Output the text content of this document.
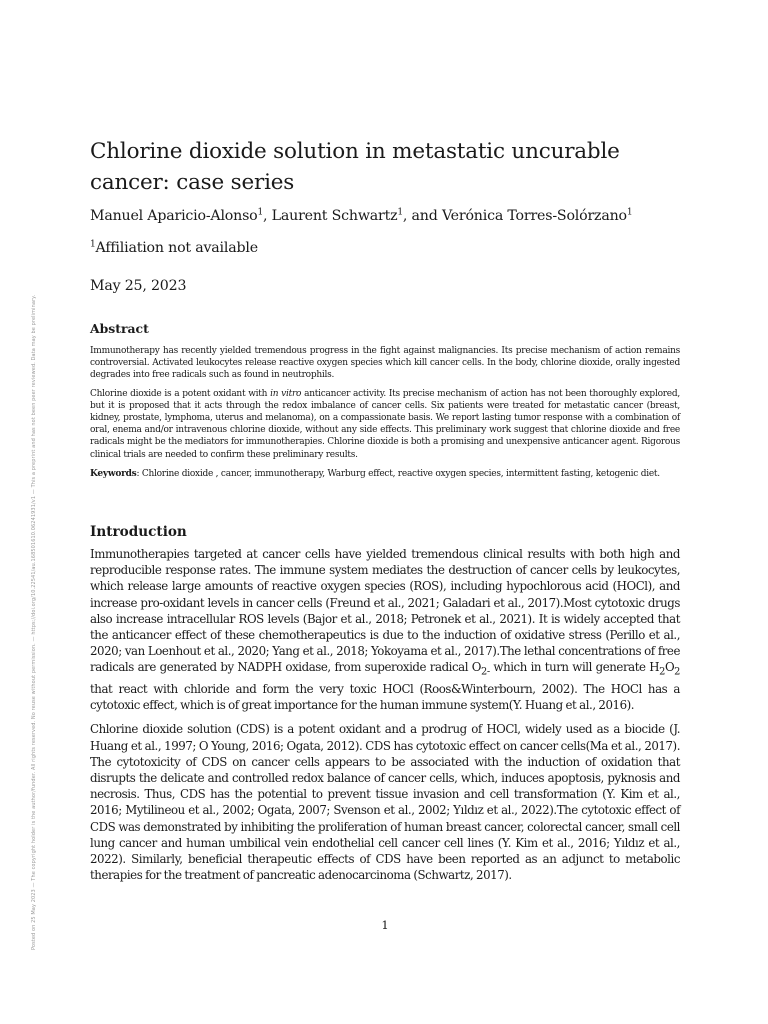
Posted on 25 May 2023 — The copyright holder is the author/funder. All rights reserved. No reuse without permission. — https://doi.org/10.22541/au.168501610.06241931/v1 — This a preprint and has not been peer reviewed. Data may be preliminary.
Chlorine dioxide solution in metastatic uncurable cancer: case series
Manuel Aparicio-Alonso$^1$, Laurent Schwartz$^1$, and Verónica Torres-Solórzano$^1$
$^1$Affiliation not available
May 25, 2023
Abstract

Immunotherapy has recently yielded tremendous progress in the fight against malignancies. Its precise mechanism of action remains controversial. Activated leukocytes release reactive oxygen species which kill cancer cells. In the body, chlorine dioxide, orally ingested degrades into free radicals such as found in neutrophils.

Chlorine dioxide is a potent oxidant with in vitro anticancer activity. Its precise mechanism of action has not been thoroughly explored, but it is proposed that it acts through the redox imbalance of cancer cells. Six patients were treated for metastatic cancer (breast, kidney, prostate, lymphoma, uterus and melanoma), on a compassionate basis. We report lasting tumor response with a combination of oral, enema and/or intravenous chlorine dioxide, without any side effects. This preliminary work suggest that chlorine dioxide and free radicals might be the mediators for immunotherapies. Chlorine dioxide is both a promising and unexpensive anticancer agent. Rigorous clinical trials are needed to confirm these preliminary results.

Keywords: Chlorine dioxide , cancer, immunotherapy, Warburg effect, reactive oxygen species, intermittent fasting, ketogenic diet.

Introduction

Immunotherapies targeted at cancer cells have yielded tremendous clinical results with both high and reproducible response rates. The immune system mediates the destruction of cancer cells by leukocytes, which release large amounts of reactive oxygen species (ROS), including hypochlorous acid (HOCl), and increase pro-oxidant levels in cancer cells (Freund et al., 2021; Galadari et al., 2017).Most cytotoxic drugs also increase intracellular ROS levels (Bajor et al., 2018; Petronek et al., 2021). It is widely accepted that the anticancer effect of these chemotherapeutics is due to the induction of oxidative stress (Perillo et al., 2020; van Loenhout et al., 2020; Yang et al., 2018; Yokoyama et al., 2017).The lethal concentrations of free radicals are generated by NADPH oxidase, from superoxide radical $O_{2-}$ which in turn will generate $H_2O_2$ that react with chloride and form the very toxic HOCl (Roos&Winterbourn, 2002). The HOCl has a cytotoxic effect, which is of great importance for the human immune system(Y. Huang et al., 2016).

Chlorine dioxide solution (CDS) is a potent oxidant and a prodrug of HOCl, widely used as a biocide (J. Huang et al., 1997; O Young, 2016; Ogata, 2012). CDS has cytotoxic effect on cancer cells(Ma et al., 2017). The cytotoxicity of CDS on cancer cells appears to be associated with the induction of oxidation that disrupts the delicate and controlled redox balance of cancer cells, which, induces apoptosis, pyknosis and necrosis. Thus, CDS has the potential to prevent tissue invasion and cell transformation (Y. Kim et al., 2016; Mytilineou et al., 2002; Ogata, 2007; Svenson et al., 2002; Yıldız et al., 2022).The cytotoxic effect of CDS was demonstrated by inhibiting the proliferation of human breast cancer, colorectal cancer, small cell lung cancer and human umbilical vein endothelial cell cancer cell lines (Y. Kim et al., 2016; Yıldız et al., 2022). Similarly, beneficial therapeutic effects of CDS have been reported as an adjunct to metabolic therapies for the treatment of pancreatic adenocarcinoma (Schwartz, 2017).

1
